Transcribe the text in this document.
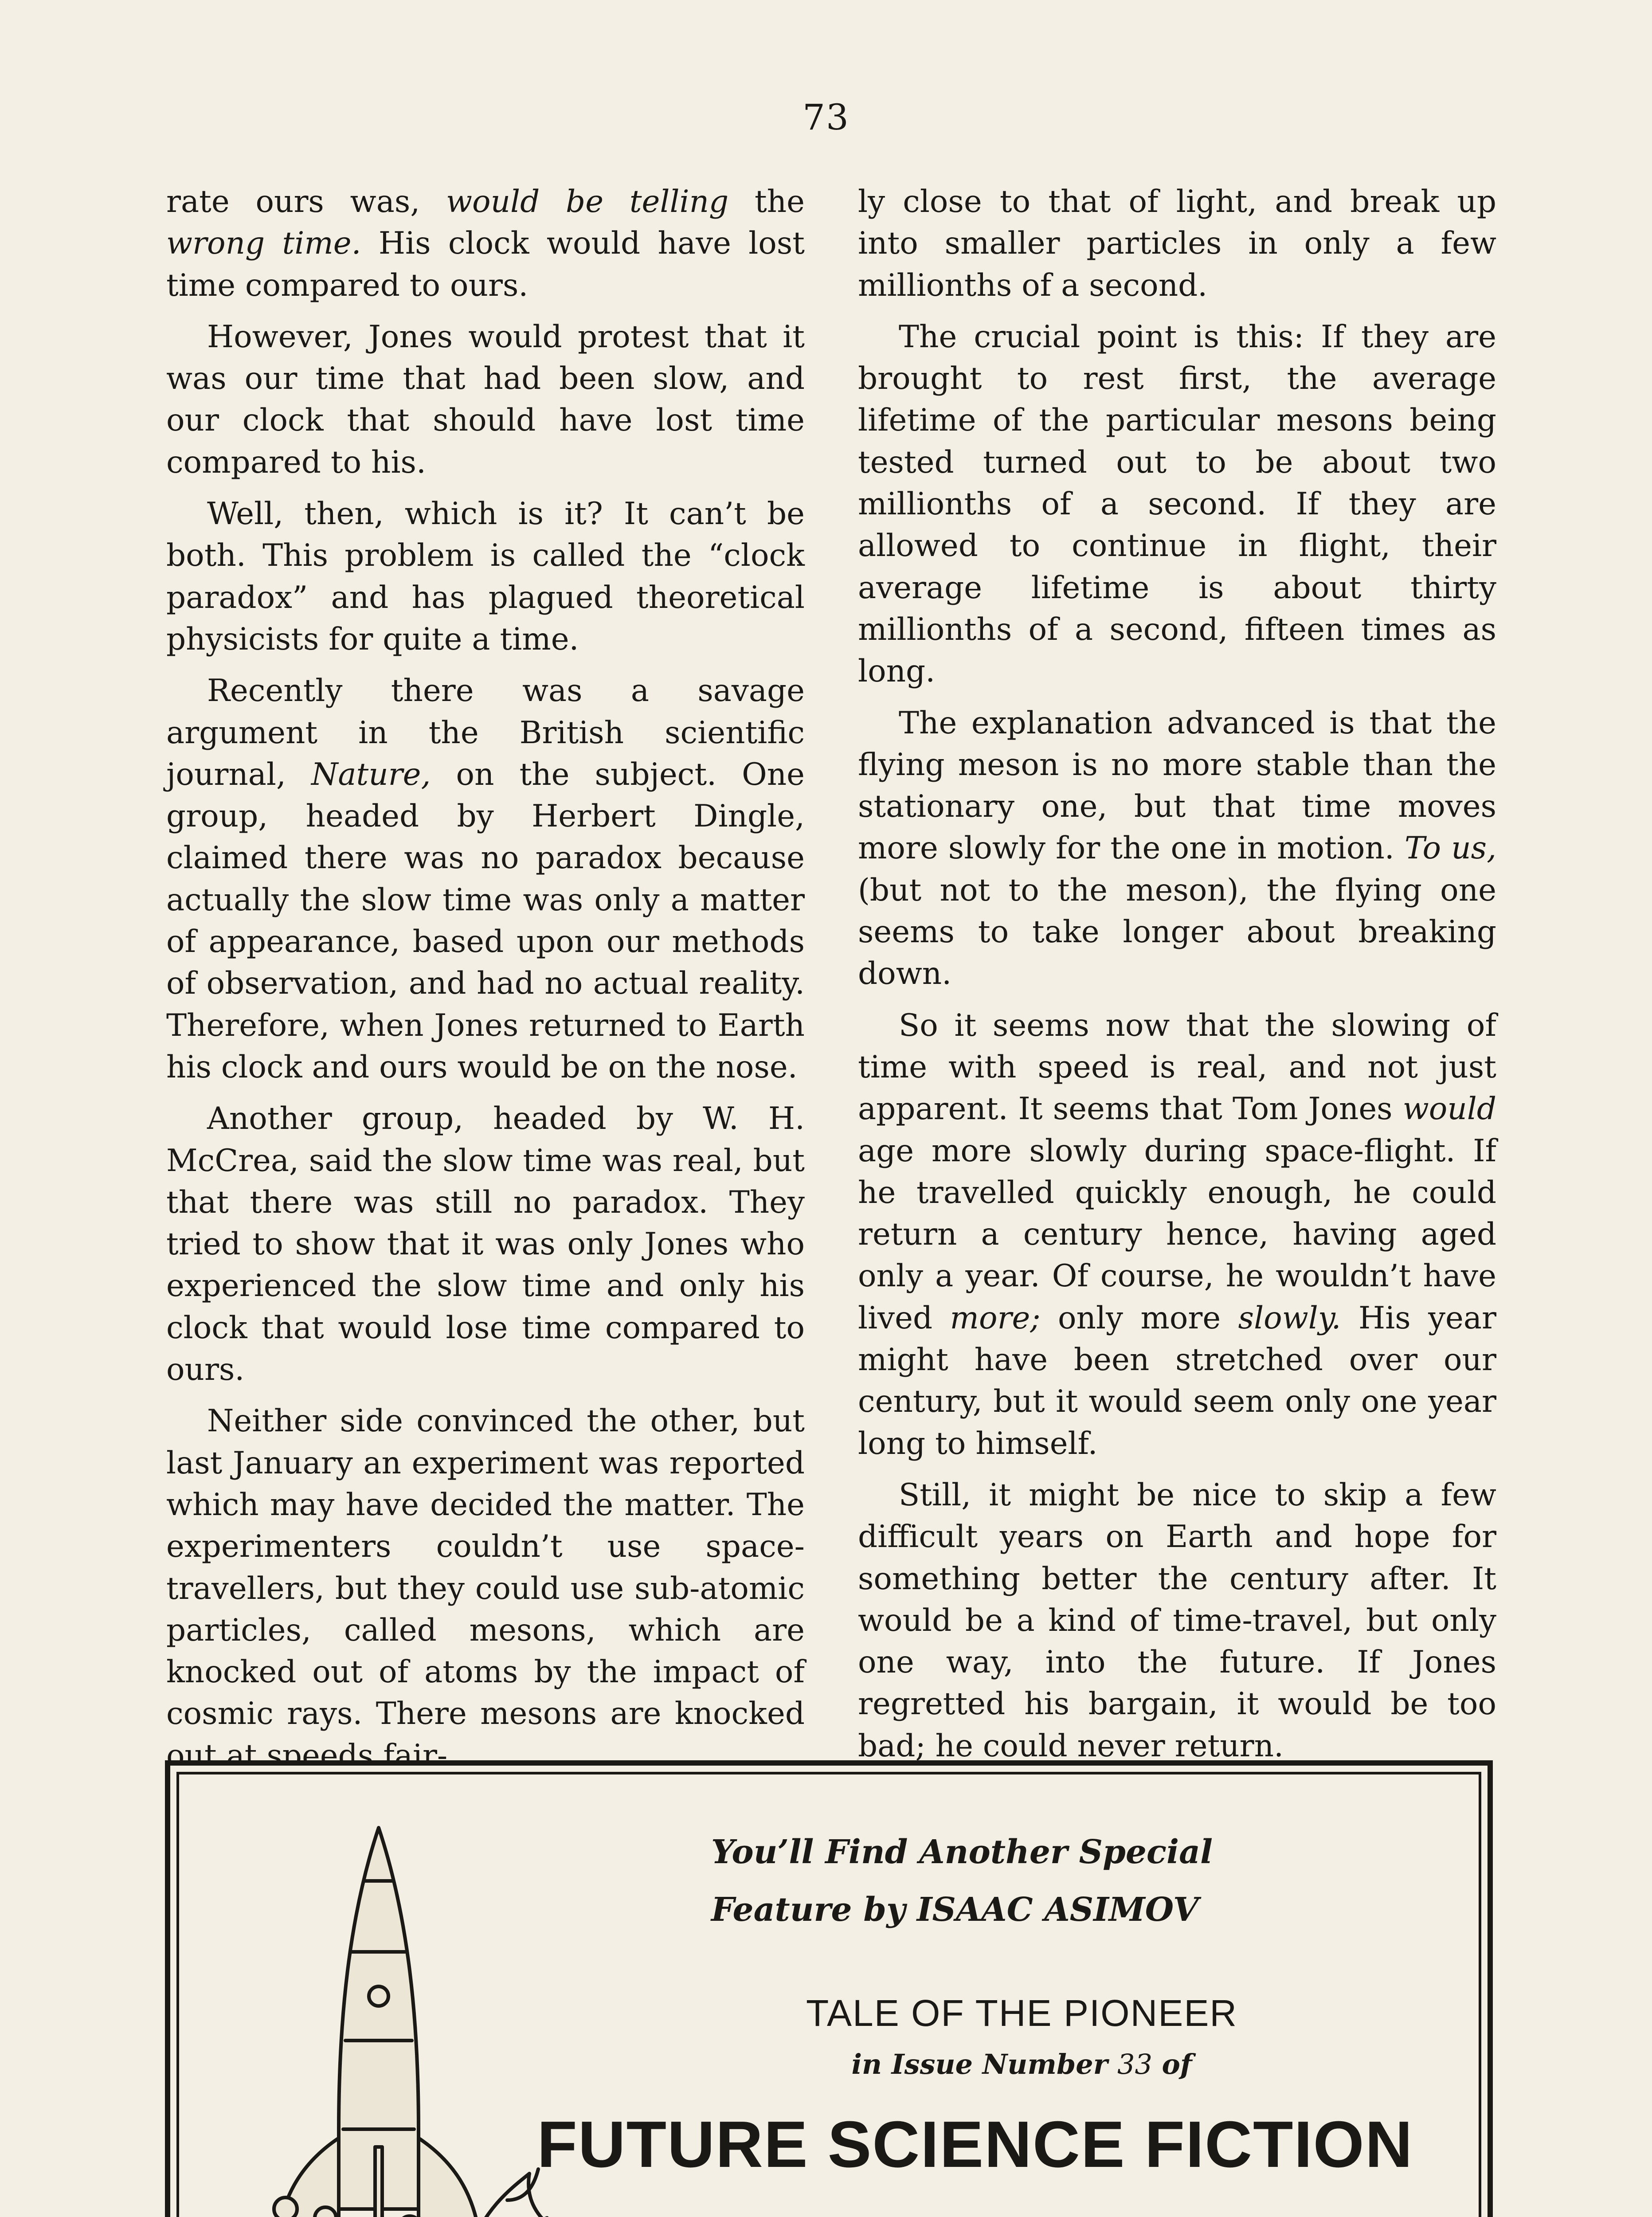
73

rate ours was, would be telling the wrong time. His clock would have lost time compared to ours.

However, Jones would protest that it was our time that had been slow, and our clock that should have lost time compared to his.

Well, then, which is it? It can’t be both. This problem is called the “clock paradox” and has plagued theoretical physicists for quite a time.

Recently there was a savage argument in the British scientific journal, Nature, on the subject. One group, headed by Herbert Dingle, claimed there was no paradox because actually the slow time was only a matter of appearance, based upon our methods of observation, and had no actual reality. Therefore, when Jones returned to Earth his clock and ours would be on the nose.

Another group, headed by W. H. McCrea, said the slow time was real, but that there was still no paradox. They tried to show that it was only Jones who experienced the slow time and only his clock that would lose time compared to ours.

Neither side convinced the other, but last January an experiment was reported which may have decided the matter. The experimenters couldn’t use space-travellers, but they could use sub-atomic particles, called mesons, which are knocked out of atoms by the impact of cosmic rays. There mesons are knocked out at speeds fair-

ly close to that of light, and break up into smaller particles in only a few millionths of a second.

The crucial point is this: If they are brought to rest first, the average lifetime of the particular mesons being tested turned out to be about two millionths of a second. If they are allowed to continue in flight, their average lifetime is about thirty millionths of a second, fifteen times as long.

The explanation advanced is that the flying meson is no more stable than the stationary one, but that time moves more slowly for the one in motion. To us, (but not to the meson), the flying one seems to take longer about breaking down.

So it seems now that the slowing of time with speed is real, and not just apparent. It seems that Tom Jones would age more slowly during space-flight. If he travelled quickly enough, he could return a century hence, having aged only a year. Of course, he wouldn’t have lived more; only more slowly. His year might have been stretched over our century, but it would seem only one year long to himself.

Still, it might be nice to skip a few difficult years on Earth and hope for something better the century after. It would be a kind of time-travel, but only one way, into the future. If Jones regretted his bargain, it would be too bad; he could never return.

You’ll Find Another Special

Feature by ISAAC ASIMOV

TALE OF THE PIONEER

in Issue Number 33 of

FUTURE SCIENCE FICTION
